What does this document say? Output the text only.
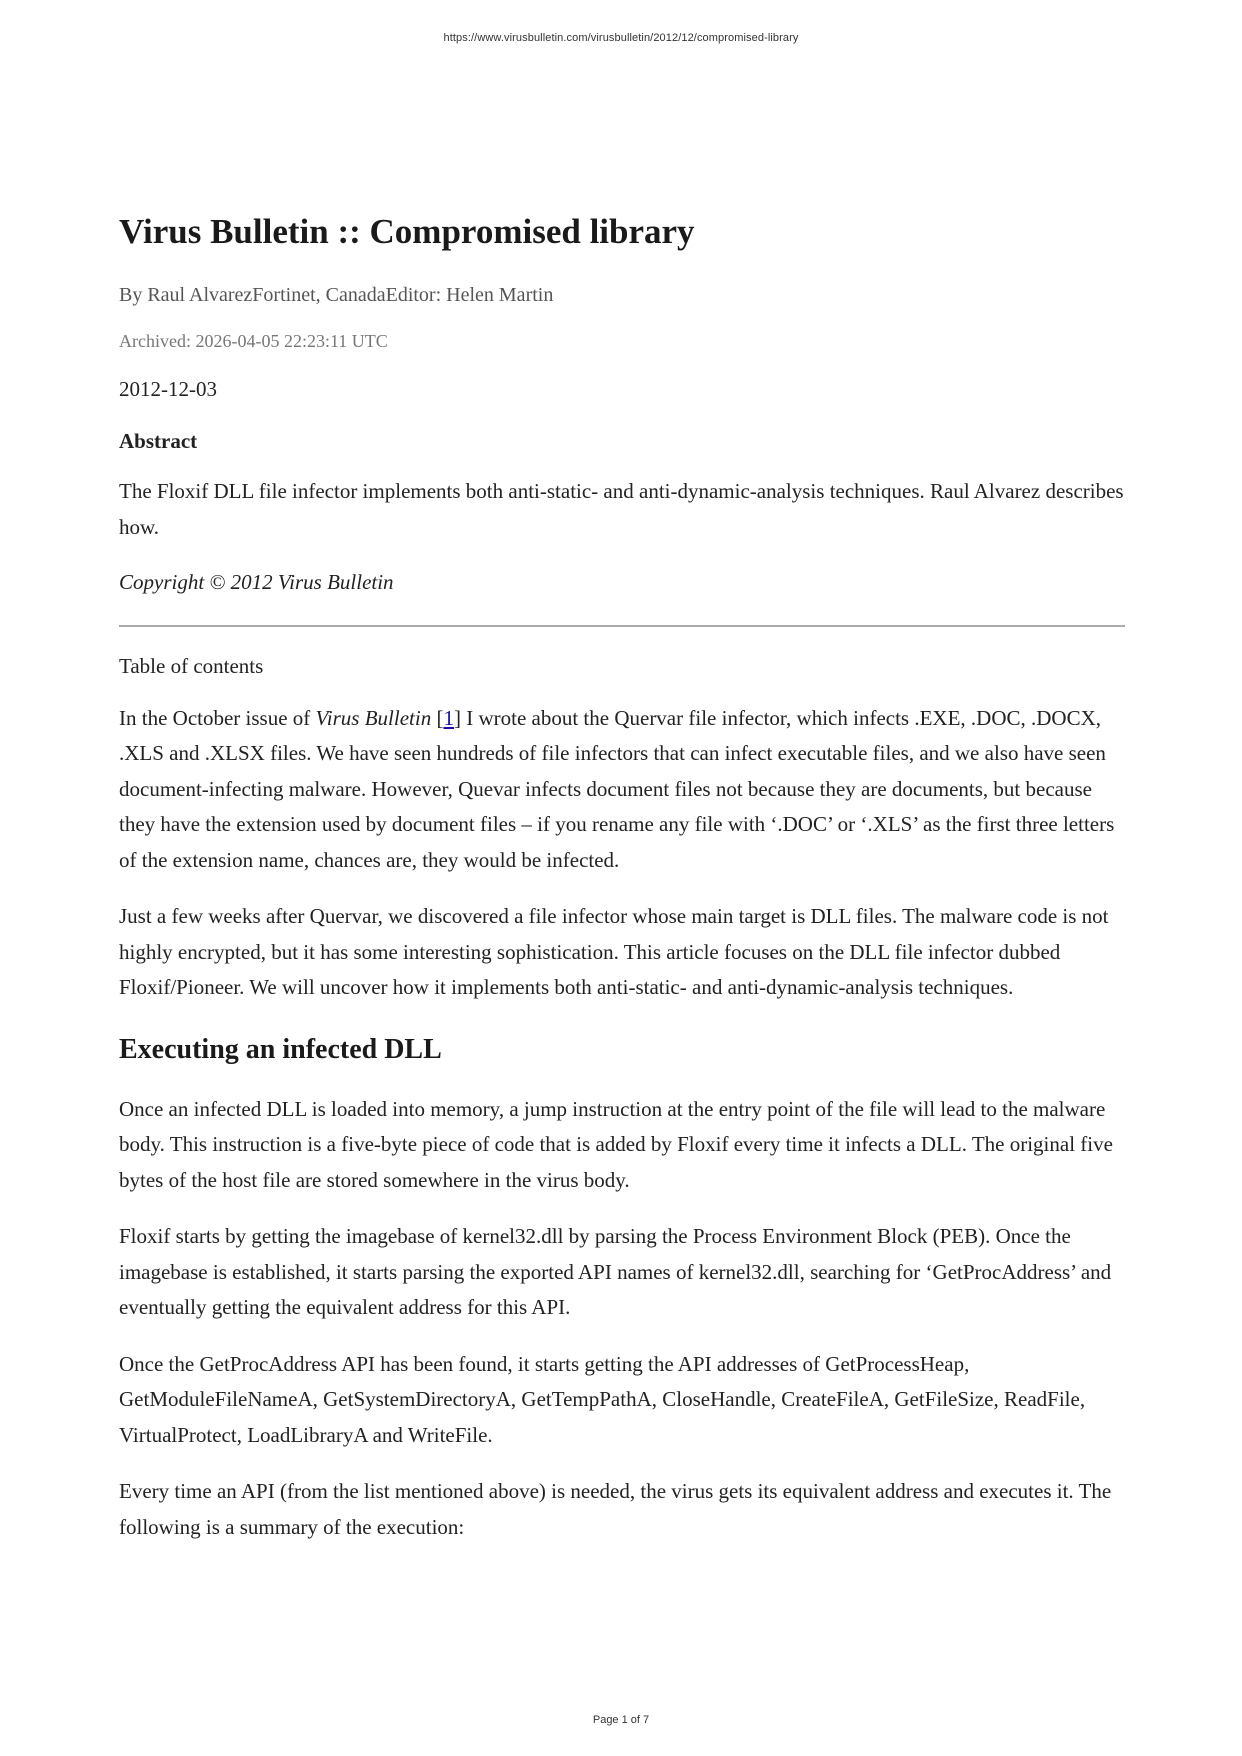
https://www.virusbulletin.com/virusbulletin/2012/12/compromised-library
Virus Bulletin :: Compromised library
By Raul AlvarezFortinet, CanadaEditor: Helen Martin
Archived: 2026-04-05 22:23:11 UTC
2012-12-03
Abstract

The Floxif DLL file infector implements both anti-static- and anti-dynamic-analysis techniques. Raul Alvarez describes how.

Copyright © 2012 Virus Bulletin

Table of contents

In the October issue of Virus Bulletin [1] I wrote about the Quervar file infector, which infects .EXE, .DOC, .DOCX, .XLS and .XLSX files. We have seen hundreds of file infectors that can infect executable files, and we also have seen document-infecting malware. However, Quevar infects document files not because they are documents, but because they have the extension used by document files – if you rename any file with ‘.DOC’ or ‘.XLS’ as the first three letters of the extension name, chances are, they would be infected.

Just a few weeks after Quervar, we discovered a file infector whose main target is DLL files. The malware code is not highly encrypted, but it has some interesting sophistication. This article focuses on the DLL file infector dubbed Floxif/Pioneer. We will uncover how it implements both anti-static- and anti-dynamic-analysis techniques.

Executing an infected DLL

Once an infected DLL is loaded into memory, a jump instruction at the entry point of the file will lead to the malware body. This instruction is a five-byte piece of code that is added by Floxif every time it infects a DLL. The original five bytes of the host file are stored somewhere in the virus body.

Floxif starts by getting the imagebase of kernel32.dll by parsing the Process Environment Block (PEB). Once the imagebase is established, it starts parsing the exported API names of kernel32.dll, searching for ‘GetProcAddress’ and eventually getting the equivalent address for this API.

Once the GetProcAddress API has been found, it starts getting the API addresses of GetProcessHeap, GetModuleFileNameA, GetSystemDirectoryA, GetTempPathA, CloseHandle, CreateFileA, GetFileSize, ReadFile, VirtualProtect, LoadLibraryA and WriteFile.

Every time an API (from the list mentioned above) is needed, the virus gets its equivalent address and executes it. The following is a summary of the execution:

Page 1 of 7
